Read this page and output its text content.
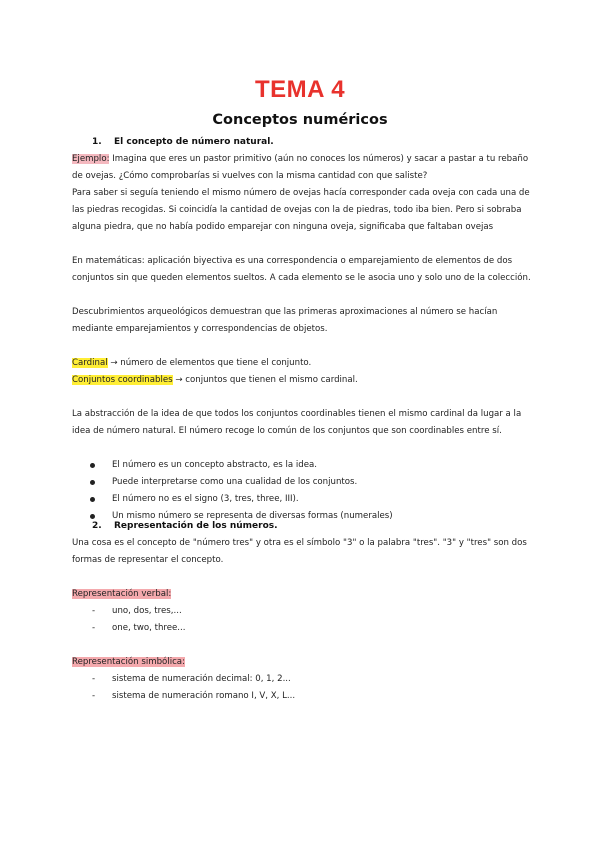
TEMA 4
Conceptos numéricos
1. El concepto de número natural.

Ejemplo: Imagina que eres un pastor primitivo (aún no conoces los números) y sacar a pastar a tu rebaño de ovejas. ¿Cómo comprobarías si vuelves con la misma cantidad con que saliste?

Para saber si seguía teniendo el mismo número de ovejas hacía corresponder cada oveja con cada una de las piedras recogidas. Si coincidía la cantidad de ovejas con la de piedras, todo iba bien. Pero si sobraba alguna piedra, que no había podido emparejar con ninguna oveja, significaba que faltaban ovejas

En matemáticas: aplicación biyectiva es una correspondencia o emparejamiento de elementos de dos conjuntos sin que queden elementos sueltos. A cada elemento se le asocia uno y solo uno de la colección.

Descubrimientos arqueológicos demuestran que las primeras aproximaciones al número se hacían mediante emparejamientos y correspondencias de objetos.

Cardinal → número de elementos que tiene el conjunto.

Conjuntos coordinables → conjuntos que tienen el mismo cardinal.

La abstracción de la idea de que todos los conjuntos coordinables tienen el mismo cardinal da lugar a la idea de número natural. El número recoge lo común de los conjuntos que son coordinables entre sí.

El número es un concepto abstracto, es la idea.
Puede interpretarse como una cualidad de los conjuntos.
El número no es el signo (3, tres, three, III).
Un mismo número se representa de diversas formas (numerales)
2. Representación de los números.

Una cosa es el concepto de "número tres" y otra es el símbolo "3" o la palabra "tres". "3" y "tres" son dos formas de representar el concepto.

Representación verbal:

- uno, dos, tres,...
- one, two, three...

Representación simbólica:

- sistema de numeración decimal: 0, 1, 2...
- sistema de numeración romano I, V, X, L...
